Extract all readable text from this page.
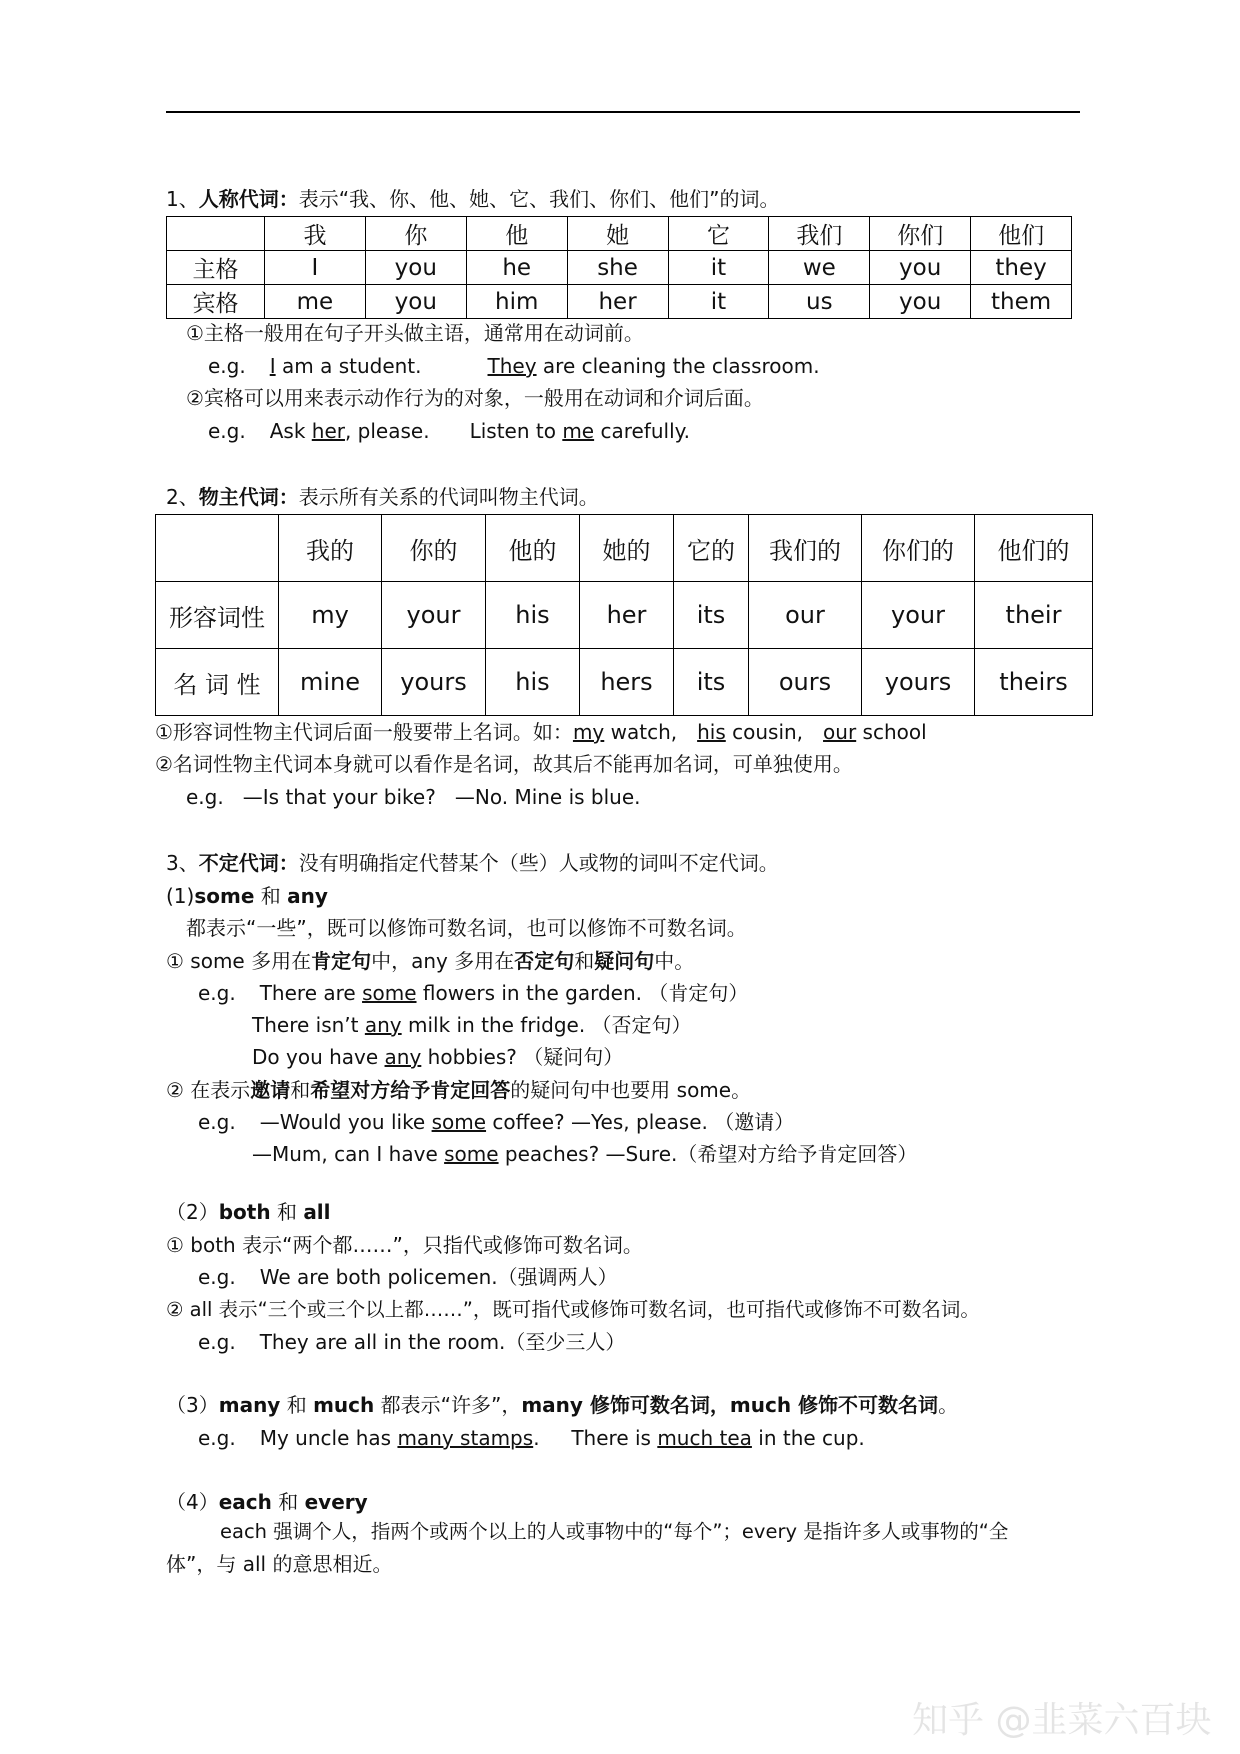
1、人称代词：表示“我、你、他、她、它、我们、你们、他们”的词。
	我	你	他	她	它	我们	你们	他们
主格	I	you	he	she	it	we	you	they
宾格	me	you	him	her	it	us	you	them
①主格一般用在句子开头做主语，通常用在动词前。
e.g. I am a student.	They are cleaning the classroom.
②宾格可以用来表示动作行为的对象，一般用在动词和介词后面。
e.g. Ask her, please. Listen to me carefully.
2、物主代词：表示所有关系的代词叫物主代词。
	我的	你的	他的	她的	它的	我们的	你们的	他们的
形容词性	my	your	his	her	its	our	your	their
名 词 性	mine	yours	his	hers	its	ours	yours	theirs
①形容词性物主代词后面一般要带上名词。如：my watch, his cousin, our school
②名词性物主代词本身就可以看作是名词，故其后不能再加名词，可单独使用。
e.g.   —Is that your bike?   —No. Mine is blue.
3、不定代词：没有明确指定代替某个（些）人或物的词叫不定代词。
(1)some 和 any
都表示“一些”，既可以修饰可数名词，也可以修饰不可数名词。
① some 多用在肯定句中，any 多用在否定句和疑问句中。
e.g. There are some flowers in the garden. （肯定句）
There isn’t any milk in the fridge. （否定句）
Do you have any hobbies? （疑问句）
② 在表示邀请和希望对方给予肯定回答的疑问句中也要用 some。
e.g. —Would you like some coffee? —Yes, please. （邀请）
—Mum, can I have some peaches? —Sure.（希望对方给予肯定回答）
（2）both 和 all
① both 表示“两个都……”，只指代或修饰可数名词。
e.g. We are both policemen.（强调两人）
② all 表示“三个或三个以上都……”，既可指代或修饰可数名词，也可指代或修饰不可数名词。
e.g. They are all in the room.（至少三人）
（3）many 和 much 都表示“许多”，many 修饰可数名词，much 修饰不可数名词。
e.g. My uncle has many stamps.     There is much tea in the cup.
（4）each 和 every
each 强调个人，指两个或两个以上的人或事物中的“每个”；every 是指许多人或事物的“全
体”，与 all 的意思相近。
知乎 @韭菜六百块
